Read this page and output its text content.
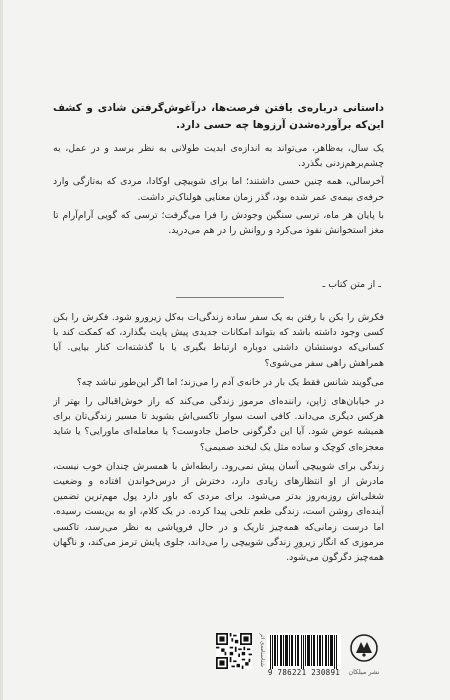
داستانی درباره‌ی یافتن فرصت‌ها، درآغوش‌گرفتن شادی و کشف این‌که برآورده‌شدن آرزوها چه حسی دارد.

یک سال، به‌ظاهر، می‌تواند به اندازه‌ی ابدیت طولانی به نظر برسد و در عمل، به چشم‌برهم‌زدنی بگذرد.

آخرسالی، همه چنین حسی داشتند؛ اما برای شوییچی اوکادا، مردی که به‌تازگی وارد حرفه‌ی بیمه‌ی عمر شده بود، گذر زمان معنایی هولناک‌تر داشت.

با پایان هر ماه، ترسی سنگین وجودش را فرا می‌گرفت؛ ترسی که گویی آرام‌آرام تا مغز استخوانش نفوذ می‌کرد و روانش را در هم می‌درید.

ـ از متن کتاب ـ

فکرش را بکن با رفتن به یک سفر ساده زندگی‌ات به‌کل زیرورو شود. فکرش را بکن کسی وجود داشته باشد که بتواند امکانات جدیدی پیش پایت بگذارد، که کمکت کند با کسانی‌که دوستشان داشتی دوباره ارتباط بگیری یا با گذشته‌ات کنار بیایی. آیا همراهش راهی سفر می‌شوی؟

می‌گویند شانس فقط یک بار در خانه‌ی آدم را می‌زند؛ اما اگر این‌طور نباشد چه؟

در خیابان‌های ژاپن، راننده‌ای مرموز زندگی می‌کند که راز خوش‌اقبالی را بهتر از هرکس دیگری می‌داند. کافی است سوار تاکسی‌اش بشوید تا مسیر زندگی‌تان برای همیشه عوض شود. آیا این دگرگونی حاصل جادوست؟ یا معامله‌ای ماورایی؟ یا شاید معجزه‌ای کوچک و ساده مثل یک لبخند صمیمی؟

زندگی برای شوییچی آسان پیش نمی‌رود. رابطه‌اش با همسرش چندان خوب نیست، مادرش از او انتظارهای زیادی دارد، دخترش از درس‌خواندن افتاده و وضعیت شغلی‌اش روزبه‌روز بدتر می‌شود. برای مردی که باور دارد پول مهم‌ترین تضمین آینده‌ای روشن است، زندگی طعم تلخی پیدا کرده. در یک کلام، او به بن‌بست رسیده. اما درست زمانی‌که همه‌چیز تاریک و در حال فروپاشی به نظر می‌رسد، تاکسی مرموزی که انگار زیرورِ زندگی شوییچی را می‌داند، جلوی پایش ترمز می‌کند، و ناگهان همه‌چیز دگرگون می‌شود.

شناسنامه‌ی اثر
9 786221 230891	نشر میلکان
